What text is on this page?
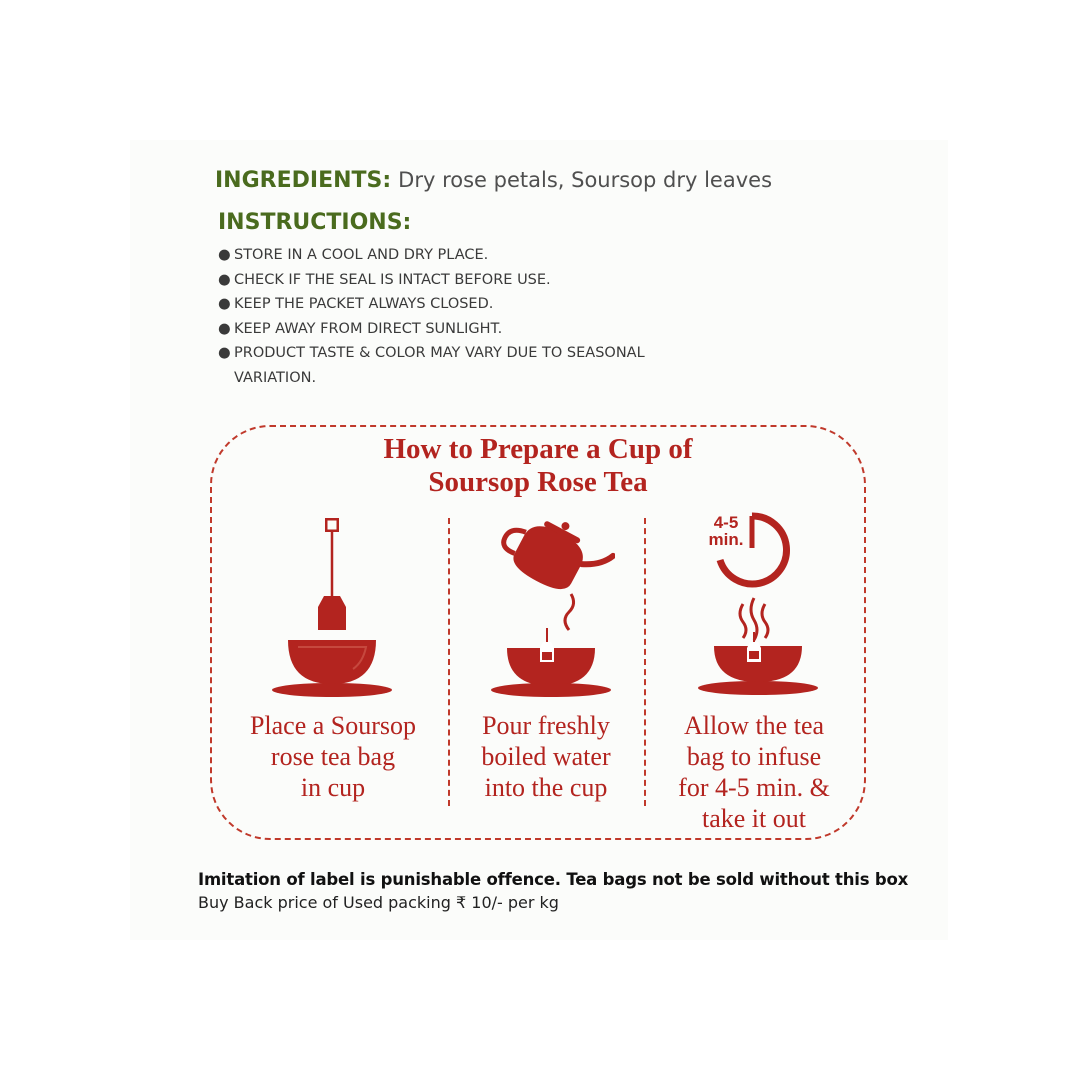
INGREDIENTS: Dry rose petals, Soursop dry leaves
INSTRUCTIONS:
● STORE IN A COOL AND DRY PLACE.
● CHECK IF THE SEAL IS INTACT BEFORE USE.
● KEEP THE PACKET ALWAYS CLOSED.
● KEEP AWAY FROM DIRECT SUNLIGHT.
● PRODUCT TASTE & COLOR MAY VARY DUE TO SEASONAL VARIATION.
How to Prepare a Cup of
Soursop Rose Tea
4-5
min.
Place a Soursop
rose tea bag
in cup
Pour freshly
boiled water
into the cup
Allow the tea
bag to infuse
for 4-5 min. &
take it out
Imitation of label is punishable offence. Tea bags not be sold without this box
Buy Back price of Used packing ₹ 10/- per kg
